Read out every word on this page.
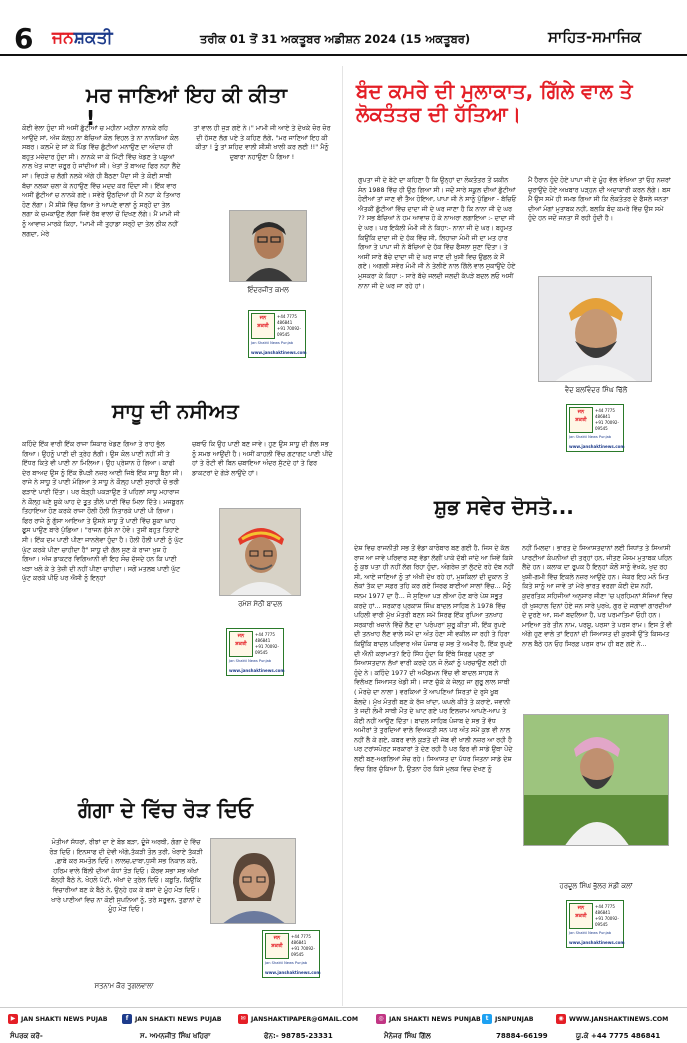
6 ਜਨਸ਼ਕਤੀ	ਤਰੀਕ 01 ਤੋਂ 31 ਅਕਤੂਬਰ ਅਡੀਸ਼ਨ 2024 (15 ਅਕਤੂਬਰ)	ਸਾਹਿਤ-ਸਮਾਜਿਕ
ਮਰ ਜਾਣਿਆਂ ਇਹ ਕੀ ਕੀਤਾ !
ਕੋਈ ਵੇਲਾ ਹੁੰਦਾ ਸੀ ਅਸੀਂ ਛੁੱਟੀਆਂ ਚ ਮਹੀਨਾ ਮਹੀਨਾ ਨਾਨਕੇ ਰਹਿ ਆਉਂਦੇ ਸਾਂ, ਅੱਜ ਕੱਲ੍ਹ ਨਾ ਬੱਚਿਆਂ ਕੋਲ ਵਿਹਲ ਤੇ ਨਾ ਨਾਨਕਿਆਂ ਕੋਲ ਸਬਰ। ਕਲਮੋ ਦੇ ਸਾਂ ਕੇ ਪਿੰਡ ਵਿੱਚ ਛੁੱਟੀਆਂ ਮਨਾਉਣ ਦਾ ਅੰਦਾਜ਼ ਹੀ ਬਹੁਤ ਮਜ਼ੇਦਾਰ ਹੁੰਦਾ ਸੀ। ਨਾਨਕੇ ਜਾ ਕੇ ਮਿੱਟੀ ਵਿੱਚ ਖੇਡਣ ਤੇ ਪਸ਼ੂਆਂ ਨਾਲ ਖੇਤ ਜਾਣਾ ਜ਼ਰੂਰ ਹੋ ਜਾਂਦੀਆਂ ਸੀ। ਖੇਤਾਂ ਤੋਂ ਬਾਅਦ ਫਿਰ ਨਹਾ ਲੈਂਦੇ ਸਾਂ। ਵਿਹੜੇ ਚ ਲੱਗੀ ਨਲਕੇ ਅੱਗੇ ਹੀ ਬੈਠਣਾ ਪੈਂਦਾ ਸੀ ਤੇ ਕੋਈ ਸਾਥੀ ਬੱਚਾ ਨਲਕਾ ਚਲਾ ਕੇ ਨਹਾਉਣ ਵਿੱਚ ਮਦਦ ਕਰ ਦਿੰਦਾ ਸੀ। ਇੱਕ ਵਾਰ ਅਸੀਂ ਛੁੱਟੀਆਂ ਚ ਨਾਨਕੇ ਗਏ। ਸਵੇਰੇ ਉਠਦਿਆਂ ਹੀ ਮੈਂ ਨਹਾ ਕੇ ਤਿਆਰ ਹੋਣ ਲੱਗਾ। ਮੈਂ ਸ਼ੀਸ਼ੇ ਵਿੱਚ ਗਿਆ ਤੇ ਆਪਣੇ ਵਾਲਾਂ ਨੂੰ ਸਰ੍ਹੋਂ ਦਾ ਤੇਲ ਲਗਾ ਕੇ ਚਮਕਾਉਣ ਲੱਗਾ ਜਿਵੇਂ ਰੱਬ ਵਾਲਾਂ ਚੋਂ ਦਿਖਣ ਲੱਗੇ। ਮੈਂ ਮਾਮੀ ਜੀ ਨੂੰ ਆਵਾਜ਼ ਮਾਰਕੇ ਕਿਹਾ, "ਮਾਮੀ ਜੀ ਤੁਹਾਡਾ ਸਰ੍ਹੋਂ ਦਾ ਤੇਲ ਠੀਕ ਨਹੀਂ ਲਗਦਾ, ਮੇਰੇ
ਤਾਂ ਵਾਲ ਹੀ ਜੁੜ ਗਏ ਨੇ।" ਮਾਮੀ ਜੀ ਆਏ ਤੇ ਦੇਖਕੇ ਜ਼ੋਰ ਜ਼ੋਰ ਦੀ ਹੱਸਣ ਲੱਗ ਪਏ ਤੇ ਕਹਿਣ ਲੱਗੇ, "ਮਰ ਜਾਣਿਆਂ ਇਹ ਕੀ ਕੀਤਾ ! ਤੂੰ ਤਾਂ ਸ਼ਹਿਦ ਵਾਲੀ ਸ਼ੀਸ਼ੀ ਖਾਲੀ ਕਰ ਲਈ !!" ਮੈਨੂੰ ਦੁਬਾਰਾ ਨਹਾਉਣਾ ਪੈ ਗਿਆ !
ਇੰਦਰਜੀਤ ਕਮਲ
ਜਨ
ਸ਼ਕਤੀ
+44 7775 486841
+91 70092-09545
Jan Shakti News Punjab
www.janshaktinews.com
ਬੰਦ ਕਮਰੇ ਦੀ ਮੁਲਾਕਾਤ, ਗਿੱਲੇ ਵਾਲ ਤੇ ਲੋਕਤੰਤਰ ਦੀ ਹੱਤਿਆ।
ਗੁਪਤਾ ਜੀ ਦੇ ਬੇਟੇ ਦਾ ਕਹਿਣਾ ਹੈ ਕਿ ਉਨ੍ਹਾਂ ਦਾ ਲੋਕਤੰਤਰ ਤੋਂ ਯਕੀਨ ਸੰਨ 1988 ਵਿੱਚ ਹੀ ਉਠ ਗਿਆ ਸੀ। ਜਦੋਂ ਸਾਰੇ ਸਕੂਲ ਦੀਆਂ ਛੁੱਟੀਆਂ ਹੋਈਆਂ ਤਾਂ ਜਾਣ ਵੀ ਤੈਅ ਹੋਇਆ, ਪਾਪਾ ਜੀ ਨੇ ਸਾਨੂੰ ਪੁੱਛਿਆ - ਬੱਚਿਓ ਐਤਕੀਂ ਛੁੱਟੀਆਂ ਵਿੱਚ ਦਾਦਾ ਜੀ ਦੇ ਘਰ ਜਾਣਾ ਹੈ ਕਿ ਨਾਨਾ ਜੀ ਦੇ ਘਰ ?? ਸਭ ਬੱਚਿਆਂ ਨੇ ਹਮ ਆਵਾਜ਼ ਹੋ ਕੇ ਨਾਅਰਾ ਲਗਾਇਆ :- ਦਾਦਾ ਜੀ ਦੇ ਘਰ। ਪਰ ਇਕੱਲੀ ਮੰਮੀ ਜੀ ਨੇ ਕਿਹਾ:- ਨਾਨਾ ਜੀ ਦੇ ਘਰ। ਬਹੁਮਤ ਕਿਉਂਕਿ ਦਾਦਾ ਜੀ ਦੇ ਹੱਕ ਵਿੱਚ ਸੀ, ਲਿਹਾਜ਼ਾ ਮੰਮੀ ਜੀ ਦਾ ਮਤ ਹਾਰ ਗਿਆ ਤੇ ਪਾਪਾ ਜੀ ਨੇ ਬੱਚਿਆਂ ਦੇ ਹੱਕ ਵਿੱਚ ਫੈਸਲਾ ਸੁਣਾ ਦਿੱਤਾ। ਤੇ ਅਸੀਂ ਸਾਰੇ ਬੱਚੇ ਦਾਦਾ ਜੀ ਦੇ ਘਰ ਜਾਣ ਦੀ ਖੁਸ਼ੀ ਵਿਚ ਉਛਲ ਕੇ ਸੌਂ ਗਏ। ਅਗਲੀ ਸਵੇਰ ਮੰਮੀ ਜੀ ਨੇ ਤੇਲੀਏ ਨਾਲ ਗਿੱਲੇ ਵਾਲ ਸੁਕਾਉਂਦੇ ਹੋਏ ਮੁਸਕਰਾ ਕੇ ਕਿਹਾ :- ਸਾਰੇ ਬੱਚੇ ਜਲਦੀ ਜਲਦੀ ਕੱਪੜੇ ਬਦਲ ਲਓ ਅਸੀਂ ਨਾਨਾ ਜੀ ਦੇ ਘਰ ਜਾ ਰਹੇ ਹਾਂ।
ਮੈਂ ਹੈਰਾਨ ਹੁੰਦੇ ਹੋਏ ਪਾਪਾ ਜੀ ਦੇ ਮੂੰਹ ਵੱਲ ਵੇਖਿਆ ਤਾਂ ਓਹ ਨਜ਼ਰਾਂ ਚੁਰਾਉਂਦੇ ਹੋਏ ਅਖ਼ਬਾਰ ਪੜ੍ਹਨ ਦੀ ਅਦਾਕਾਰੀ ਕਰਨ ਲੱਗੇ। ਬਸ ਮੈਂ ਉਸ ਸਮੇਂ ਹੀ ਸਮਝ ਗਿਆ ਸੀ ਕਿ ਲੋਕਤੰਤਰ ਦੇ ਫੈਸਲੇ ਜਨਤਾ ਦੀਆਂ ਮੰਗਾਂ ਮੁਤਾਬਕ ਨਹੀਂ, ਬਲਕਿ ਬੰਦ ਕਮਰੇ ਵਿੱਚ ਉਸ ਸਮੇਂ ਹੁੰਦੇ ਹਨ ਜਦੋਂ ਜਨਤਾ ਸੌਂ ਰਹੀ ਹੁੰਦੀ ਹੈ।
ਵੈਦ ਬਲਵਿੰਦਰ ਸਿੰਘ ਢਿੱਲੋਂ
ਜਨ
ਸ਼ਕਤੀ
+44 7775 486841
+91 70092-09545
Jan Shakti News Punjab
www.janshaktinews.com
ਸਾਧੂ ਦੀ ਨਸੀਅਤ
ਕਹਿੰਦੇ ਇੱਕ ਵਾਰੀ ਇੱਕ ਰਾਜਾ ਸ਼ਿਕਾਰ ਖੇਡਣ ਗਿਆ ਤੇ ਰਾਹ ਭੁੱਲ ਗਿਆ। ਉਹਨੂੰ ਪਾਣੀ ਦੀ ਤ੍ਰੇਹ ਲੱਗੀ। ਉਸ ਕੋਲ ਪਾਣੀ ਨਹੀਂ ਸੀ ਤੇ ਇੱਧਰ ਕਿਤੇ ਵੀ ਪਾਣੀ ਨਾ ਮਿਲਿਆ। ਉਹ ਪ੍ਰੇਸ਼ਾਨ ਹੋ ਗਿਆ। ਕਾਫੀ ਦੇਰ ਬਾਅਦ ਉਸ ਨੂੰ ਇੱਕ ਝੌਂਪੜੀ ਨਜ਼ਰ ਆਈ ਜਿਥੇ ਇੱਕ ਸਾਧੂ ਬੈਠਾ ਸੀ। ਰਾਜੇ ਨੇ ਸਾਧੂ ਤੋਂ ਪਾਣੀ ਮੰਗਿਆ ਤੇ ਸਾਧੂ ਨੇ ਕੌਲ੍ਹ ਪਾਣੀ ਸੁਰਾਹੀ ਚੋ ਭਰੀ ਫੜਾਏ ਪਾਣੀ ਦਿੱਤਾ। ਪਰ ਥੋੜ੍ਹੀ ਪਕੜਾਉਣ ਤੋਂ ਪਹਿਲਾਂ ਸਾਧੂ ਮਹਾਰਾਜ ਨੇ ਕੌਲ੍ਹ ਘਣੇ ਸੂਕੇ ਘਾਹ ਦੇ ਤੂਤ ਤੀਲੇ ਪਾਣੀ ਵਿੱਚ ਮਿਲਾ ਦਿੱਤੇ। ਮਜਬੂਰਨ ਤਿਹਾਇਆ ਹੋਣ ਕਰਕੇ ਰਾਜਾ ਹੌਲੀ ਹੌਲੀ ਨਿਤਾਰਕੇ ਪਾਣੀ ਪੀ ਗਿਆ। ਫਿਰ ਰਾਜੇ ਨੂੰ ਗੁੱਸਾ ਆਇਆ ਤੇ ਉਸਨੇ ਸਾਧੂ ਤੋਂ ਪਾਣੀ ਵਿੱਚ ਸੂਕਾ ਘਾਹ ਫੂਸ ਪਾਉਣ ਬਾਰੇ ਪੁੱਛਿਆ। "ਰਾਜਨ ਗੁੱਸੇ ਨਾ ਹੋਵੋ। ਤੁਸੀਂ ਬਹੁਤ ਤਿਹਾਏ ਸੀ। ਇੱਕ ਦਮ ਪਾਣੀ ਪੀਣਾ ਜਾਨਲੇਵਾ ਹੁੰਦਾ ਹੈ। ਹੌਲੀ ਹੌਲੀ ਪਾਣੀ ਨੂੰ ਘੁੱਟ ਘੁੱਟ ਕਰਕੇ ਪੀਣਾ ਚਾਹੀਦਾ ਹੈ" ਸਾਧੂ ਦੀ ਗੱਲ ਸੁਣ ਕੇ ਰਾਜਾ ਖੁਸ਼ ਹੋ ਗਿਆ। ਅੱਜ ਡਾਕਟਰ ਵਿਗਿਆਨੀ ਵੀ ਇਹ ਸੋਚ ਦੱਸਦੇ ਹਨ ਕਿ ਪਾਣੀ ਖੜਾ ਖਲੋ ਕੇ ਤੇ ਤੇਜ਼ੀ ਦੀ ਨਹੀਂ ਪੀਣਾ ਚਾਹੀਦਾ। ਸਗੋਂ ਮਤਲਬ ਪਾਣੀ ਘੁੱਟ ਘੁੱਟ ਕਰਕੇ ਪੀਓ ਪਰ ਐਸੀ ਨੂੰ ਇਨ੍ਹਾਂ
ਚਬਾਓ ਕਿ ਉਹ ਪਾਣੀ ਬਣ ਜਾਵੇ। ਹੁਣ ਉਸ ਸਾਧੂ ਦੀ ਗੱਲ ਸਭ ਨੂੰ ਸਮਝ ਆਉਂਦੀ ਹੈ। ਅਸੀਂ ਕਾਹਲੀ ਵਿੱਚ ਗਟਾਗਟ ਪਾਣੀ ਪੀਂਦੇ ਹਾਂ ਤੇ ਰੋਟੀ ਵੀ ਬਿਨ ਚਬਾਇਆ ਅੰਦਰ ਸੁੱਟਦੇ ਹਾਂ ਤੇ ਫਿਰ ਡਾਕਟਰਾਂ ਦੇ ਗੇੜੇ ਲਾਉਂਦੇ ਹਾਂ।
ਰਮੇਸ਼ ਸੇਠੀ ਬਾਦਲ
ਜਨ
ਸ਼ਕਤੀ
+44 7775 486841
+91 70092-09545
Jan Shakti News Punjab
www.janshaktinews.com
ਗੰਗਾ ਦੇ ਵਿੱਚ ਰੋੜ ਦਿਓ
ਮੋਤੀਆਂ ਸੱਧਰਾਂ, ਰੀਝਾਂ ਦਾ ਏ ਬੋਝ ਬੜਾ, ਦੂੰਜੇ ਅਰਥੀ, ਗੰਗਾ ਦੇ ਵਿੱਚ ਰੋੜ ਦਿਓ। ਇਨਸਾਫ ਦੀ ਦੇਵੀ ਅੱਗੇ,ਤੱਕੜੀ ਤੋਲ ਤਰੀ, ਖੋਰਾਏ ਤੱਕੜੀ ,ਛਾਬੇ ਕਰ ਸਮਤੋਲ ਦਿਓ। ਲਾਲਚ,ਦਾਬਾ,ਧੁਸੀ ਸਭ ਨਿਕਾਲ ਕਰੋ, ਹਰਿਮ ਵਾਲੇ ਬਿੱਲੀ ਦੀਆਂ ਕੰਧਾਂ ਤੋੜ ਦਿਓ। ਕੌਰਵ ਸਭਾ ਸਭ ਅੱਖਾਂ ਬੰਨ੍ਹੀ ਬੈਠੇ ਨੇ, ਖੋਹਲੋ ਪੱਟੀ, ਅੱਖਾਂ ਦੇ ਤ੍ਰੇਲ ਦਿਓ। ਕਬੂਤਿ, ਕਿਉਂਕਿ ਵਿਚਾਰੀਆਂ ਬਣ ਕੇ ਬੈਠੇ ਨੇ, ਉਨ੍ਹੇ ਹਕ ਕੇ ਬਸਾਂ ਦੇ ਮੂੰਹ ਮੋੜ ਦਿਓ। ਖਾਰੇ ਪਾਣੀਆਂ ਵਿਚ ਨਾ ਕੋਈ ਸੁਪਨਿਆਂ ਨੂੰ, ਤਰੇ ਸਰੂਵਨ, ਤੁਫ਼ਾਨਾਂ ਦੇ ਮੂੰਹ ਮੋੜ ਦਿਓ।
ਸਤਨਾਮ ਕੌਰ ਤੁਗਲਵਾਲਾ
ਜਨ
ਸ਼ਕਤੀ
+44 7775 486841
+91 70092-09545
Jan Shakti News Punjab
www.janshaktinews.com
ਸ਼ੁਭ ਸਵੇਰ ਦੋਸਤੋ...
ਦੇਸ਼ ਵਿਚ ਰਾਜਨੀਤੀ ਸਭ ਤੋਂ ਵੱਡਾ ਕਾਰੋਬਾਰ ਬਣ ਗਈ ਹੈ, ਜਿਸ ਦੇ ਕੱਲ ਰਾਜ ਆ ਜਾਵੇ ਪਰਿਵਾਰ ਸਣ ਵੱਡਾ ਲੱਗੀਂ ਪਾਕੇ ਦੱਬੀ ਜਾਂਦੇ ਆ ਜਿਵੇਂ ਕਿਸੇ ਨੂੰ ਕੁਝ ਪਤਾ ਹੀ ਨਹੀਂ ਲੱਗ ਰਿਹਾ ਹੁੰਦਾ, ਅੰਗਰੇਜ਼ ਤਾਂ ਲੁੱਟਦੇ ਰਹੇ ਦੱਬ ਨਹੀਂ ਸੀ, ਆਏ ਜਾਣਿਆਂ ਨੂੰ ਤਾਂ ਅੱਖੀ ਦੇਖ ਰਹੇ ਹਾਂ, ਮੁਸ਼ਕਿਲਾਂ ਦੀ ਦੁਕਾਨ ਤੋਂ ਲੋਕਾਂ ਤੱਕ ਦਾ ਸਫ਼ਰ ਤਹਿ ਕਰ ਗਏ ਸਿਰਫ ਬਾਈਆਂ ਸਾਲਾਂ ਵਿੱਚ... ਮੈਨੂੰ ਜਨਮ 1977 ਦਾ ਹੈ... ਜੋ ਸੁਣਿਆ ਪੜ ਲੀਆ ਹੋਣ ਬਾਰੇ ਪੇਸ਼ ਸਭੂਤ ਕਰਦੇ ਹਾਂ... ਸਰਕਾਰ ਪ੍ਰਕਾਸ਼ ਸਿੰਘ ਬਾਦਲ ਸਾਹਿਬ ਨੇ 1978 ਵਿੱਚ ਪਹਿਲੀ ਵਾਰੀ ਮੁੱਖ ਮੰਤਰੀ ਬਣਨ ਸਮੇਂ ਸਿਰਫ ਇੱਕ ਰੁਪਿਆ ਤਨਖਾਹ ਸਰਕਾਰੀ ਖਜ਼ਾਨੇ ਵਿੱਚੋਂ ਲੈਣ ਦਾ 'ਪਰੰਪਰਾ' ਸ਼ੁਰੂ ਕੀਤਾ ਸੀ, ਇੱਕ ਰੁਪਏ ਦੀ ਤਨਖਾਹ ਲੈਣ ਵਾਲੇ ਸਮੇਂ ਦਾ ਅੰਤ ਹੋਣਾ ਸੀ ਵਕੀਲ ਜਾ ਰਹੀ ਤੇ ਹਿਰਾ ਕਿਉਂਕਿ ਬਾਦਲ ਪਰਿਵਾਰ ਅੱਜ ਪੰਜਾਬ ਚ ਸਭ ਤੋਂ ਅਮੀਰ ਹੈ, ਇੱਕ ਰੁਪਏ ਦੀ ਐਨੀ ਕਰਾਮਾਤ? ਇਹੋ ਸਿੱਧ ਹੁੰਦਾ ਕਿ ਇੱਥੇ ਸਿਰਫ਼ ਪ੍ਰਣ ਤਾਂ ਸਿਆਸਤਦਾਨ ਲੱਖਾਂ ਵਾਰੀ ਕਰਦੇ ਹਨ ਜੋ ਲੋਕਾਂ ਨੂੰ ਪਰਚਾਉਣ ਲਈ ਹੀ ਹੁੰਦੇ ਨੇ। ਕਹਿੰਦੇ 1977 ਦੀ ਅਮੈਂਡਮਨ ਵਿੱਚ ਵੀ ਬਾਦਲ ਸਾਹਬ ਨੇ ਵਿਲੱਖਣ ਸਿਆਸਤ ਖੇਡੀ ਸੀ। ਜਾਣ ਚੁੱਕੇ ਕੇ ਜੇਲ੍ਹ ਜਾ ਗੁਰੂ ਲਾਲ ਸਾਥੀ ( ਮੋਰਚੇ ਦਾ ਨਾਲਾ ) ਵਰਕਿਆਂ ਤੋਂ ਆਪਣਿਆਂ ਸਿਰਤਾਂ ਦੇ ਰੁਸੇ ਖੂਬ ਬੋਲਦੇ। ਮੁੱਖ ਮੰਤਰੀ ਬਣ ਕੇ ਰੱਜ ਖਾਂਦਾ, ਘਪਲੇ ਕੀਤੇ ਤੇ ਕਰਾਏ, ਜਵਾਨੀ ਤੇ ਜਦੀ ਲੰਮੀ ਸਾਥੀ ਮੌਤ ਦੇ ਘਾਟ ਗਏ ਪਰ ਇਲਜ਼ਾਮ ਆਪਣੇ-ਆਪ ਤੇ ਕੋਈ ਨਹੀਂ ਆਉਣ ਦਿੱਤਾ। ਬਾਦਲ ਸਾਹਿਬ ਪੰਜਾਬ ਦੇ ਸਭ ਤੋਂ ਵੱਧ ਅਮੀਰਾਂ ਤੇ ਤੁਰਦਿਆਂ ਵਾਲੇ ਵਿਅਕਤੀ ਸਨ ਪਰ ਅੰਤ ਸਮੇਂ ਕੁਝ ਵੀ ਨਾਲ ਨਹੀਂ ਲੈ ਕੇ ਗਏ, ਕਬਰ ਵਾਲੇ ਕੁੜਤੇ ਦੀ ਜੇਬ ਵੀ ਖਾਲੀ ਨਜ਼ਰ ਆ ਰਹੀ ਹੈ ਪਰ ਟਰਾਂਸਪੋਰਟ ਸਰਕਾਰਾਂ ਤੇ ਦੇਣ ਰਹੀ ਹੈ ਪਰ ਫਿਰ ਵੀ ਸਾਡੇ ਉਥਾ ਪੌਦੇ ਲਈ ਬਣ-ਅਗਲਿਆਂ ਸੋਚ ਰਹੇ। ਸਿਆਸਤ ਦਾ ਪੱਧਰ ਜਿਤਨਾ ਸਾਡੇ ਦੇਸ਼ ਵਿਚ ਗਿਰ ਚੁੱਕਿਆ ਹੈ, ਉਤਨਾ ਹੋਰ ਕਿਸੇ ਮੁਲਕ ਵਿਚ ਦੇਖਣ ਨੂੰ
ਨਹੀਂ ਮਿਲਦਾ। ਭਾਰਤ ਦੇ ਸਿਆਸਤਦਾਨਾਂ ਲਈ ਸਿਧਾਂਤ ਤੇ ਸਿਆਸੀ ਪਾਰਟੀਆਂ ਕੰਪਨੀਆਂ ਦੀ ਤਰ੍ਹਾਂ ਹਨ, ਜੀਤਣ ਮੌਸਮ ਮੁਤਾਬਕ ਪਹਿਨ ਲੈਂਦੇ ਹਨ। ਕਲਾਕ ਦਾ ਰੂਪਕ ਹੈ ਇਨ੍ਹਾਂ ਕੋਲੋਂ ਸਾਨੂੰ ਵੇਖਕੇ, ਖੁਦ ਰਹ ਖੁਸ਼ੀ-ਗਮੀ ਵਿੱਚ ਇਕਲੇ ਨਜ਼ਰ ਆਉਂਦੇ ਹਨ। ਜੇਕਰ ਇਹ ਮਨੋ ਮਿਤ ਕਿਤੇ ਸਾਨੂੰ ਆ ਜਾਵੇ ਤਾਂ ਮੇਰੇ ਭਾਰਤ ਵਰਗਾ ਕੋਈ ਦੇਸ਼ ਨਹੀਂ, ਕੁਦਰਤਿਕ ਸਹਿਜੀਆਂ ਅਨੁਸਾਰ ਜੀਣਾ 'ਚ ਪ੍ਰਹਿਮਨਾਂ ਸੱਜਿਆਂ ਵਿਚ ਹੀ ਖੁਸ਼ਹਾਲ ਦਿਨਾਂ ਹੋਏ ਜਨ ਸਾਰੇ ਪੁਰਖੇ, ਗੁਰ ਦੇ ਜਗਾਵਾਂ ਗਾਰਦੀਆਂ ਦੇ ਦੁਰਣੇ ਆ, ਸਮਾਂ ਬਦਲਿਆ ਹੈ, ਪਰ ਪਰਮਾਤਿਮਾਂ ਓਹੀ ਹਨ। ਮਾਇਆ ਤਰੇ ਤੀਨ ਨਾਮ, ਪਰਸੂ, ਪਰਸਾ ਤੇ ਪਰਸ ਰਾਮ। ਇਸ ਤੋਂ ਵੀ ਅੱਗੇ ਹੁਣ ਵਾਲੇ ਤਾਂ ਇਹਨਾਂ ਦੀ ਸਿਆਸਤ ਦੀ ਕੁਰਸੀ ਉੱਤੇ ਕਿਸਮਤ ਨਾਲ ਬੈਠੇ ਹਨ ਓਹ ਸਿਰਫ਼ ਪਰਸ ਰਾਮ ਹੀ ਬਣ ਗਏ ਨੇ...
ਹਰਦੂਲ ਸਿੰਘ ਭੁੱਲਰ ਮੱਡੀ ਕਲਾਂ
ਜਨ
ਸ਼ਕਤੀ
+44 7775 486841
+91 70092-09545
Jan Shakti News Punjab
www.janshaktinews.com
▶ JAN SHAKTI NEWS PUJAB	f	JAN SHAKTI NEWS PUJAB	✉ JANSHAKTIPAPER@GMAIL.COM	◎ JAN SHAKTI NEWS PUNJAB t	JSNPUNJAB	◉ WWW.JANSHAKTINEWS.COM
ਸੰਪਰਕ ਕਰੋ-	ਸ. ਅਮਨਜੀਤ ਸਿੰਘ ਖਹਿਰਾ	ਫੋਨ:- 98785-23331	ਮੈਨੇਜਰ ਸਿੰਘ ਗਿੱਲ	78884-66199	ਯੂ.ਕੇ +44 7775 486841
